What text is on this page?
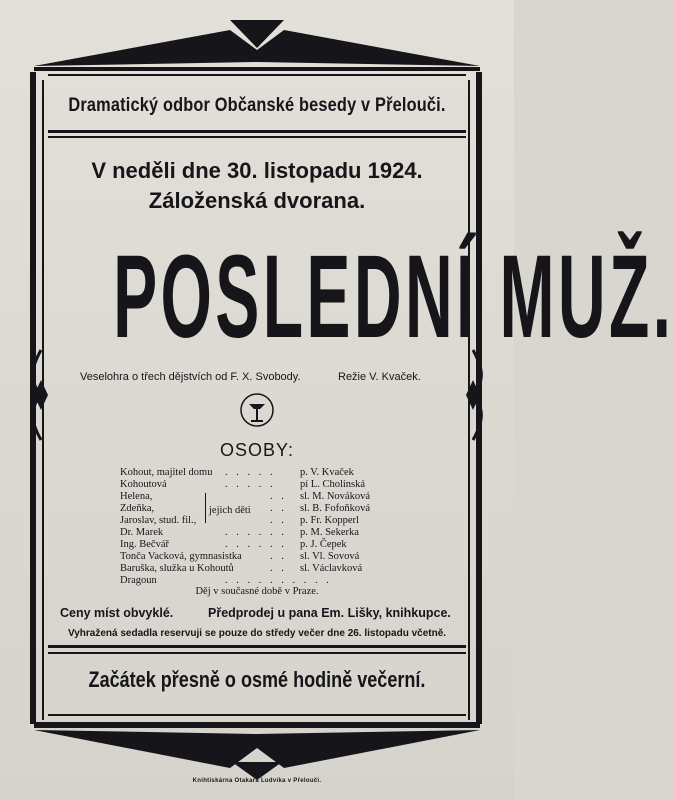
Dramatický odbor Občanské besedy v Přelouči.
V neděli dne 30. listopadu 1924.
Záloženská dvorana.
POSLEDNÍ MUŽ.
Veselohra o třech dějstvích od F. X. Svobody.	Režie V. Kvaček.
OSOBY:
Kohout, majitel domu . . . . . p. V. Kvaček
Kohoutová	. . . . . pí L. Cholínská
Helena,	. . sl. M. Nováková
Zdeňka,	. . sl. B. Fofoňková
Jaroslav, stud. fil.,	. . p. Fr. Kopperl
Dr. Marek	. . . . . . p. M. Sekerka
Ing. Bečvář	. . . . . . p. J. Čepek
Tonča Vacková, gymnasistka	. . sl. Vl. Sovová
Baruška, služka u Kohoutů	. . sl. Václavková
Dragoun	. . . . . . . . . .
jejich děti
Děj v současné době v Praze.
Ceny míst obvyklé.	Předprodej u pana Em. Lišky, knihkupce.
Vyhražená sedadla reservuji se pouze do středy večer dne 26. listopadu včetně.
Začátek přesně o osmé hodině večerní.
Knihtiskárna Otakara Ludvíka v Přelouči.
